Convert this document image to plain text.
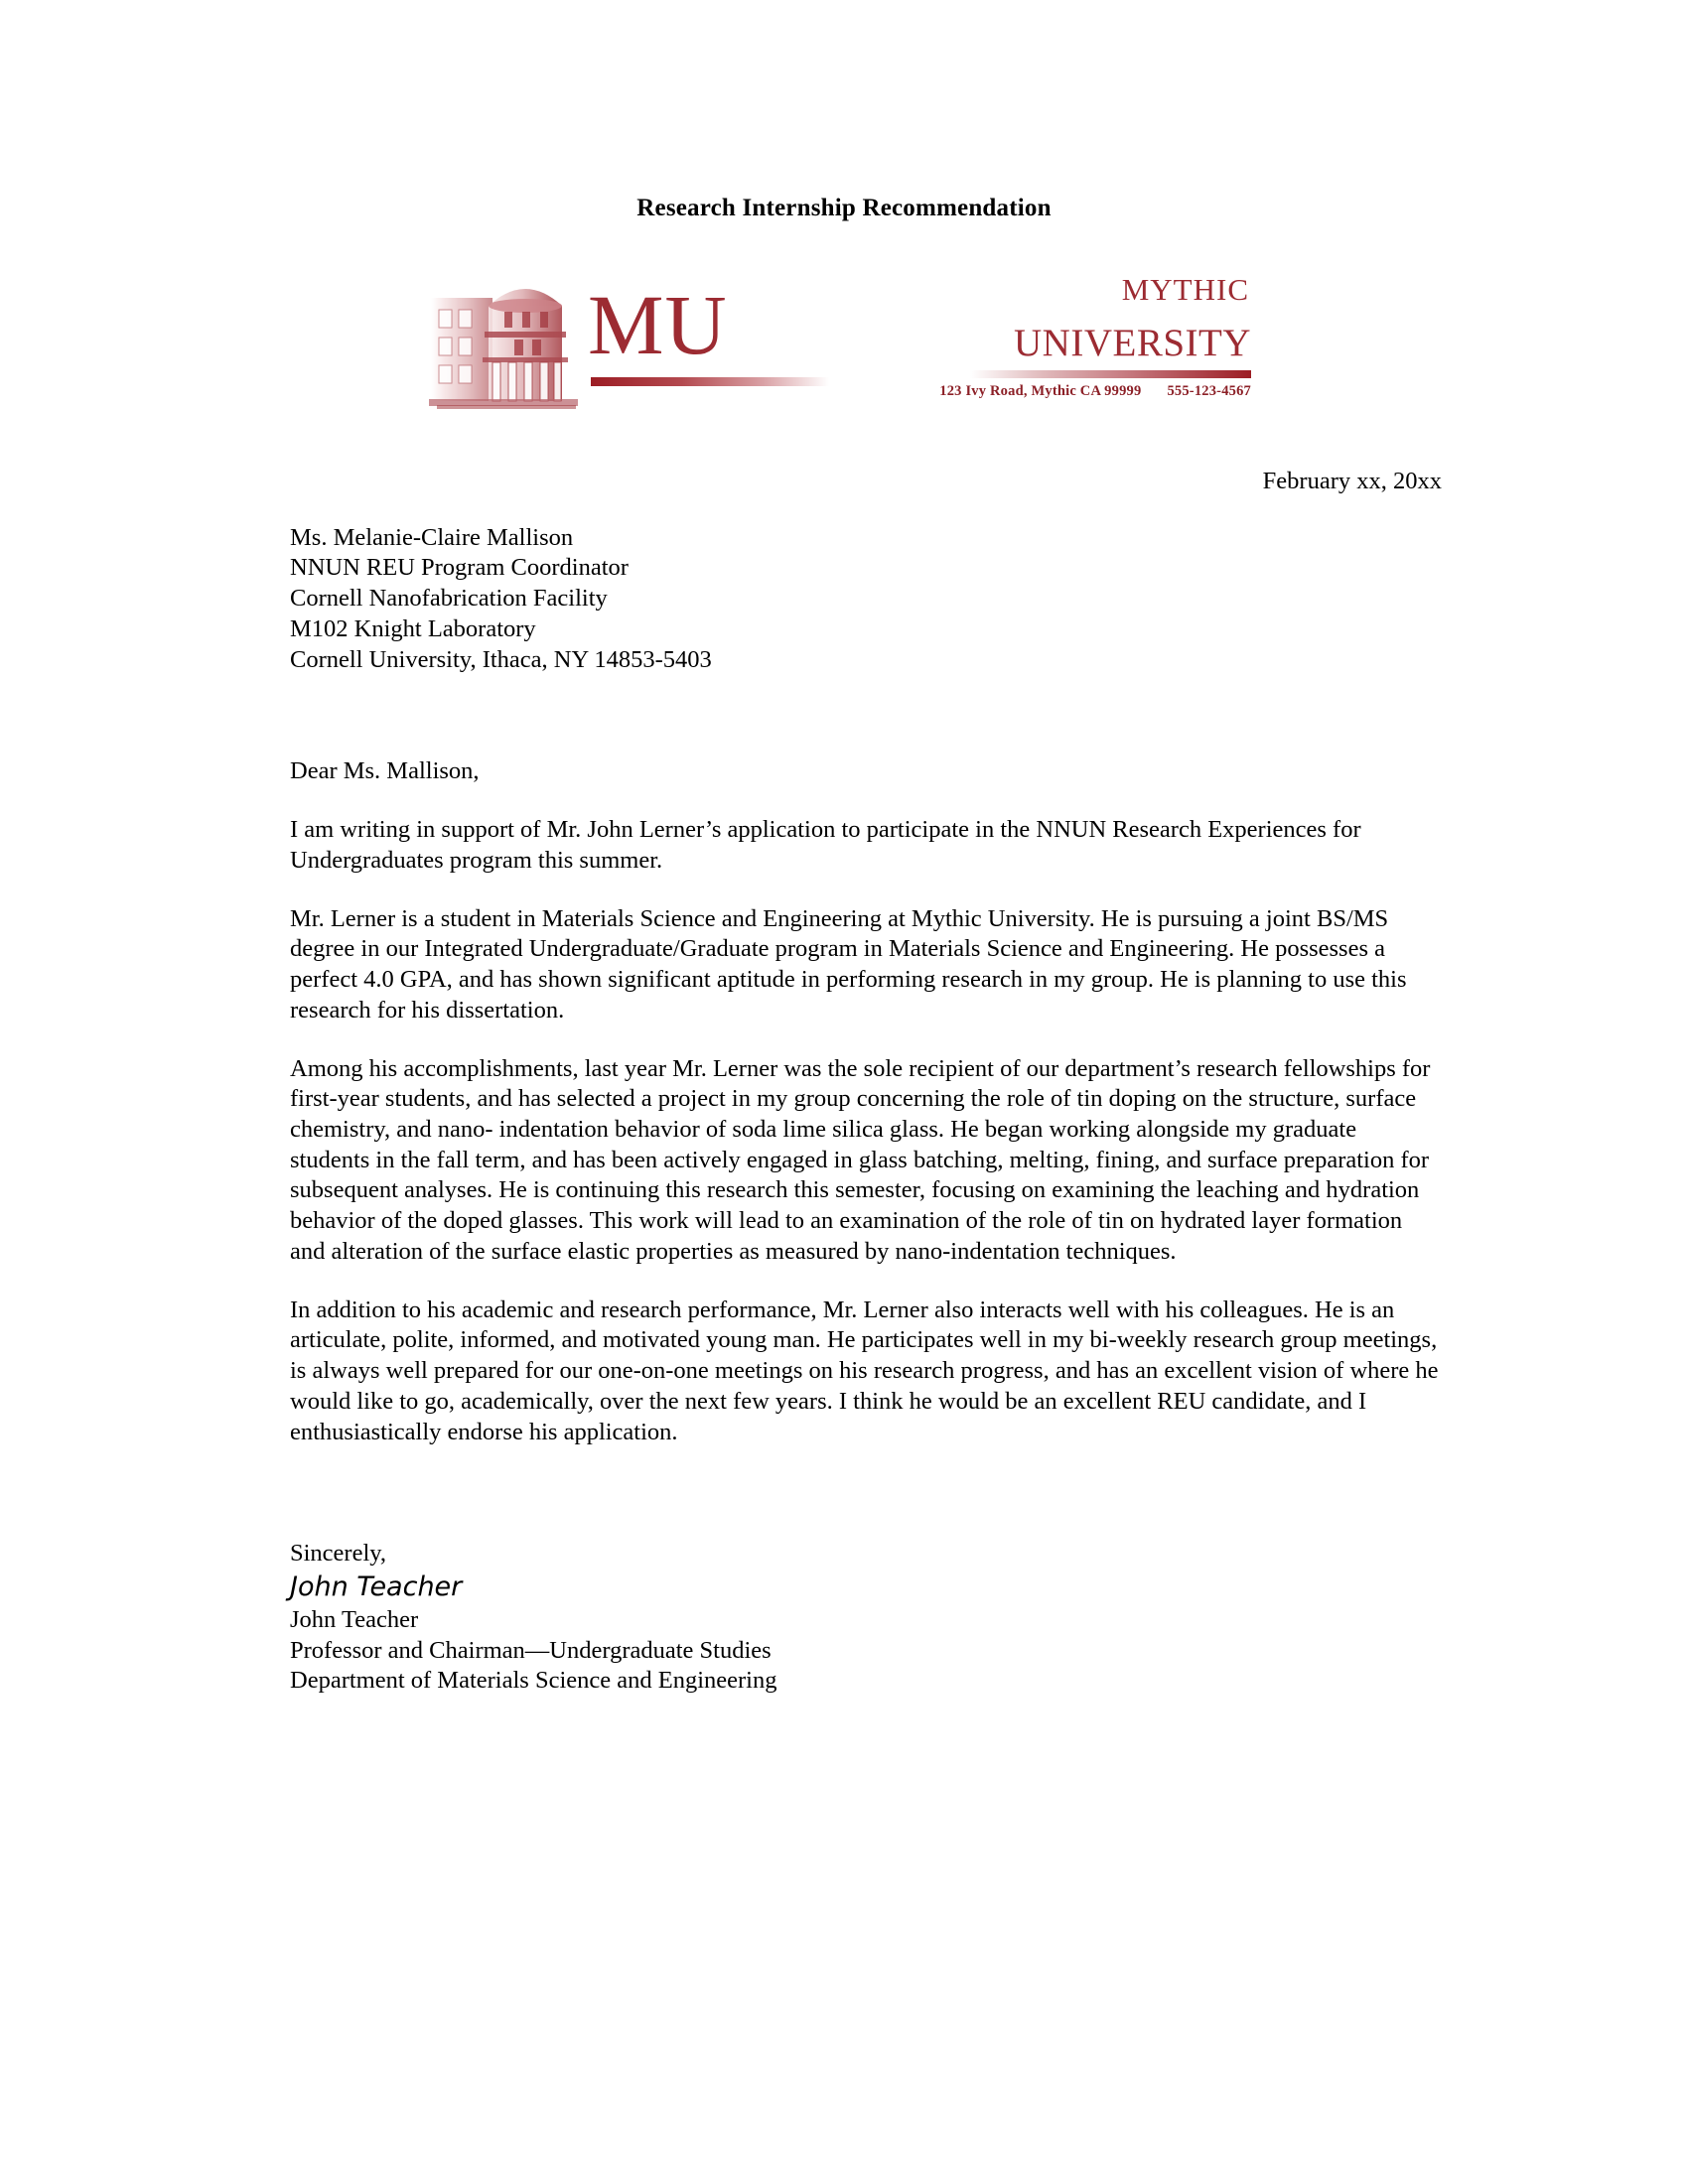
Research Internship Recommendation
MU	mythic
university
123 Ivy Road, Mythic CA 99999 555-123-4567
February xx, 20xx
Ms. Melanie-Claire Mallison
NNUN REU Program Coordinator
Cornell Nanofabrication Facility
M102 Knight Laboratory
Cornell University, Ithaca, NY 14853-5403

Dear Ms. Mallison,

I am writing in support of Mr. John Lerner’s application to participate in the NNUN Research Experiences for Undergraduates program this summer.

Mr. Lerner is a student in Materials Science and Engineering at Mythic University. He is pursuing a joint BS/MS degree in our Integrated Undergraduate/Graduate program in Materials Science and Engineering. He possesses a perfect 4.0 GPA, and has shown significant aptitude in performing research in my group. He is planning to use this research for his dissertation.

Among his accomplishments, last year Mr. Lerner was the sole recipient of our department’s research fellowships for first-year students, and has selected a project in my group concerning the role of tin doping on the structure, surface chemistry, and nano- indentation behavior of soda lime silica glass. He began working alongside my graduate students in the fall term, and has been actively engaged in glass batching, melting, fining, and surface preparation for subsequent analyses. He is continuing this research this semester, focusing on examining the leaching and hydration behavior of the doped glasses. This work will lead to an examination of the role of tin on hydrated layer formation and alteration of the surface elastic properties as measured by nano-indentation techniques.

In addition to his academic and research performance, Mr. Lerner also interacts well with his colleagues. He is an articulate, polite, informed, and motivated young man. He participates well in my bi-weekly research group meetings, is always well prepared for our one-on-one meetings on his research progress, and has an excellent vision of where he would like to go, academically, over the next few years. I think he would be an excellent REU candidate, and I enthusiastically endorse his application.

Sincerely,
John Teacher
John Teacher
Professor and Chairman—Undergraduate Studies
Department of Materials Science and Engineering
